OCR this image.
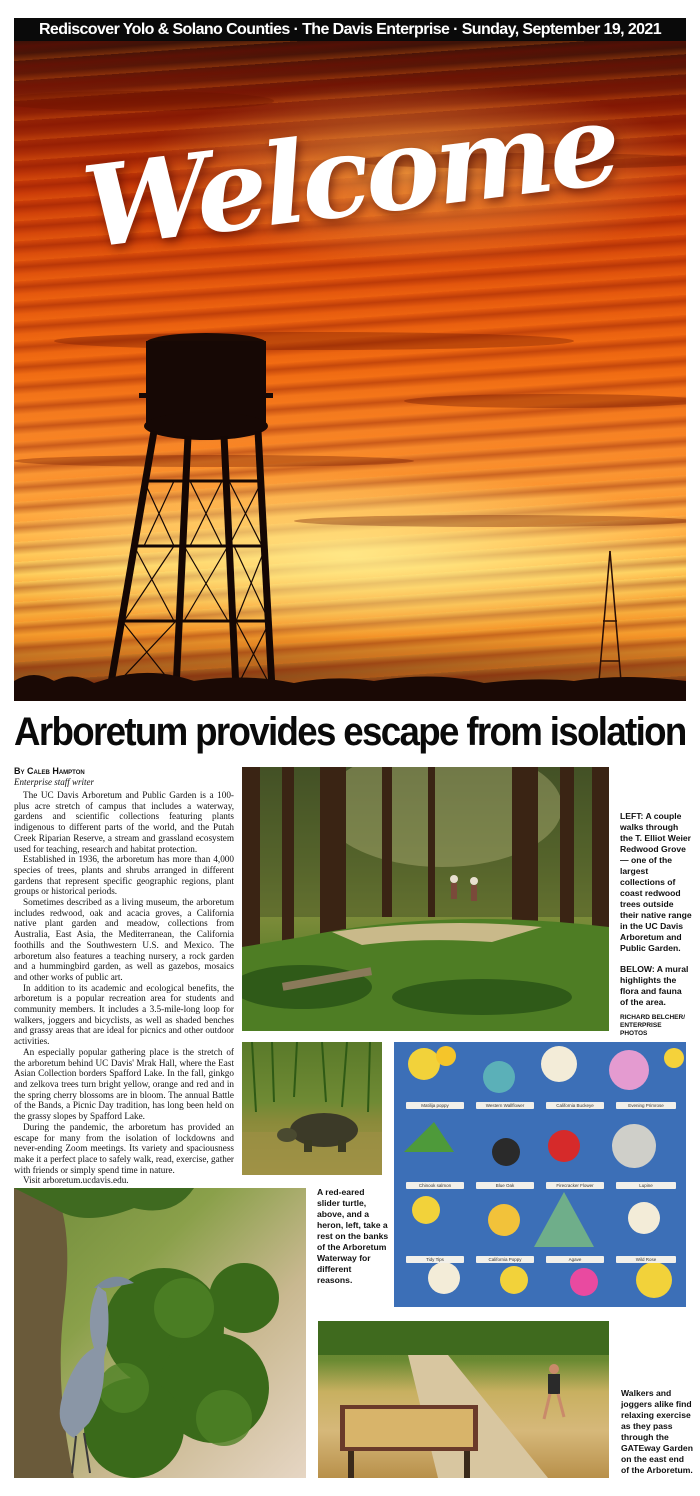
Rediscover Yolo & Solano Counties · The Davis Enterprise · Sunday, September 19, 2021
Welcome
Arboretum provides escape from isolation
By Caleb Hampton
Enterprise staff writer

The UC Davis Arboretum and Public Garden is a 100-plus acre stretch of campus that includes a waterway, gardens and scientific collections featuring plants indigenous to different parts of the world, and the Putah Creek Riparian Reserve, a stream and grassland ecosystem used for teaching, research and habitat protection.

Established in 1936, the arboretum has more than 4,000 species of trees, plants and shrubs arranged in different gardens that represent specific geographic regions, plant groups or historical periods.

Sometimes described as a living museum, the arboretum includes redwood, oak and acacia groves, a California native plant garden and meadow, collections from Australia, East Asia, the Mediterranean, the California foothills and the Southwestern U.S. and Mexico. The arboretum also features a teaching nursery, a rock garden and a hummingbird garden, as well as gazebos, mosaics and other works of public art.

In addition to its academic and ecological benefits, the arboretum is a popular recreation area for students and community members. It includes a 3.5-mile-long loop for walkers, joggers and bicyclists, as well as shaded benches and grassy areas that are ideal for picnics and other outdoor activities.

An especially popular gathering place is the stretch of the arboretum behind UC Davis' Mrak Hall, where the East Asian Collection borders Spafford Lake. In the fall, ginkgo and zelkova trees turn bright yellow, orange and red and in the spring cherry blossoms are in bloom. The annual Battle of the Bands, a Picnic Day tradition, has long been held on the grassy slopes by Spafford Lake.

During the pandemic, the arboretum has provided an escape for many from the isolation of lockdowns and never-ending Zoom meetings. Its variety and spaciousness make it a perfect place to safely walk, read, exercise, gather with friends or simply spend time in nature.

Visit arboretum.ucdavis.edu.

LEFT: A couple walks through the T. Elliot Weier Redwood Grove — one of the largest collections of coast redwood trees outside their native range in the UC Davis Arboretum and Public Garden.

BELOW: A mural highlights the flora and fauna of the area.

RICHARD BELCHER/ ENTERPRISE PHOTOS
Matilija poppy	Western Wallflower	California Buckeye	Evening Primrose
Chinook salmon	Blue Oak	Firecracker Flower	Lupine
Tidy Tips	California Poppy	Agave	Wild Rose

A red-eared slider turtle, above, and a heron, left, take a rest on the banks of the Arboretum Waterway for different reasons.

Walkers and joggers alike find relaxing exercise as they pass through the GATEway Garden on the east end of the Arboretum.
